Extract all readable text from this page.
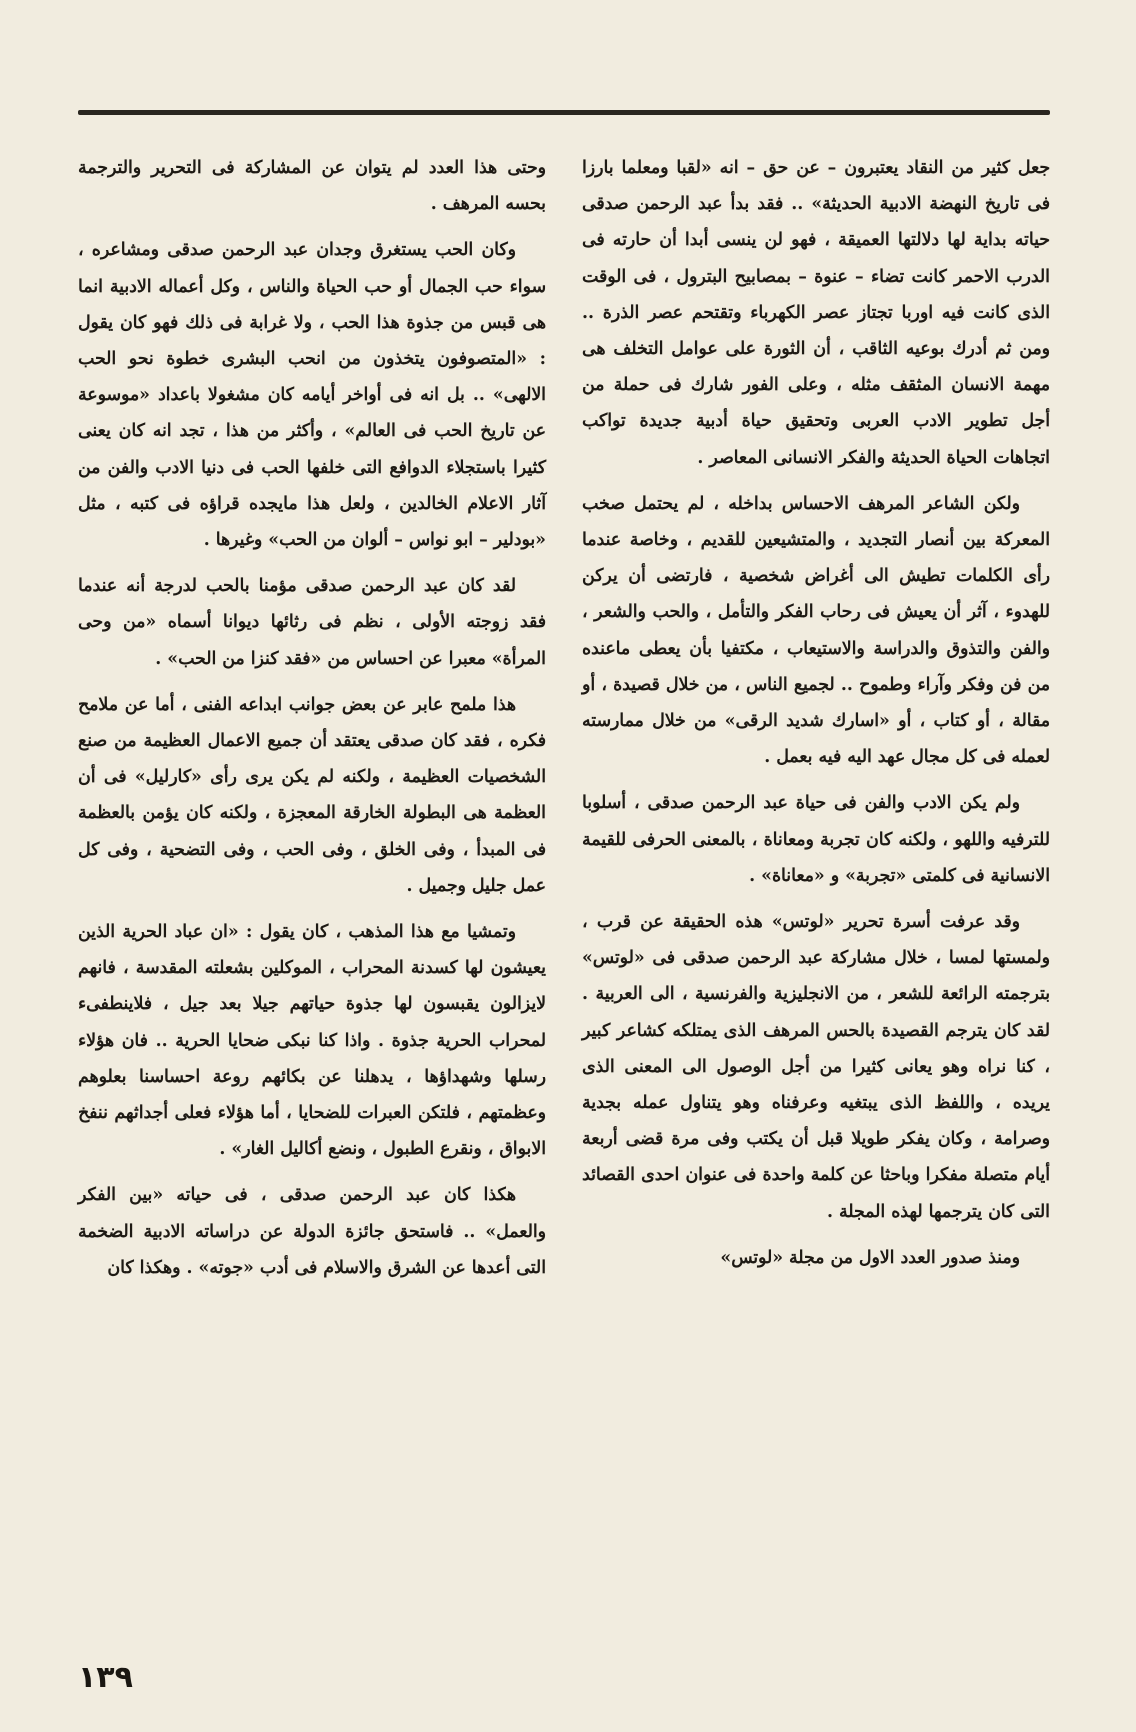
جعل كثير من النقاد يعتبرون – عن حق – انه «لقبا ومعلما بارزا فى تاريخ النهضة الادبية الحديثة» .. فقد بدأ عبد الرحمن صدقى حياته بداية لها دلالتها العميقة ، فهو لن ينسى أبدا أن حارته فى الدرب الاحمر كانت تضاء – عنوة – بمصابيح البترول ، فى الوقت الذى كانت فيه اوربا تجتاز عصر الكهرباء وتقتحم عصر الذرة .. ومن ثم أدرك بوعيه الثاقب ، أن الثورة على عوامل التخلف هى مهمة الانسان المثقف مثله ، وعلى الفور شارك فى حملة من أجل تطوير الادب العربى وتحقيق حياة أدبية جديدة تواكب اتجاهات الحياة الحديثة والفكر الانسانى المعاصر .

ولكن الشاعر المرهف الاحساس بداخله ، لم يحتمل صخب المعركة بين أنصار التجديد ، والمتشيعين للقديم ، وخاصة عندما رأى الكلمات تطيش الى أغراض شخصية ، فارتضى أن يركن للهدوء ، آثر أن يعيش فى رحاب الفكر والتأمل ، والحب والشعر ، والفن والتذوق والدراسة والاستيعاب ، مكتفيا بأن يعطى ماعنده من فن وفكر وآراء وطموح .. لجميع الناس ، من خلال قصيدة ، أو مقالة ، أو كتاب ، أو «اسارك شديد الرقى» من خلال ممارسته لعمله فى كل مجال عهد اليه فيه بعمل .

ولم يكن الادب والفن فى حياة عبد الرحمن صدقى ، أسلوبا للترفيه واللهو ، ولكنه كان تجربة ومعاناة ، بالمعنى الحرفى للقيمة الانسانية فى كلمتى «تجربة» و «معاناة» .

وقد عرفت أسرة تحرير «لوتس» هذه الحقيقة عن قرب ، ولمستها لمسا ، خلال مشاركة عبد الرحمن صدقى فى «لوتس» بترجمته الرائعة للشعر ، من الانجليزية والفرنسية ، الى العربية . لقد كان يترجم القصيدة بالحس المرهف الذى يمتلكه كشاعر كبير ، كنا نراه وهو يعانى كثيرا من أجل الوصول الى المعنى الذى يريده ، واللفظ الذى يبتغيه وعرفناه وهو يتناول عمله بجدية وصرامة ، وكان يفكر طويلا قبل أن يكتب وفى مرة قضى أربعة أيام متصلة مفكرا وباحثا عن كلمة واحدة فى عنوان احدى القصائد التى كان يترجمها لهذه المجلة .

ومنذ صدور العدد الاول من مجلة «لوتس»

وحتى هذا العدد لم يتوان عن المشاركة فى التحرير والترجمة بحسه المرهف .

وكان الحب يستغرق وجدان عبد الرحمن صدقى ومشاعره ، سواء حب الجمال أو حب الحياة والناس ، وكل أعماله الادبية انما هى قبس من جذوة هذا الحب ، ولا غرابة فى ذلك فهو كان يقول : «المتصوفون يتخذون من انحب البشرى خطوة نحو الحب الالهى» .. بل انه فى أواخر أيامه كان مشغولا باعداد «موسوعة عن تاريخ الحب فى العالم» ، وأكثر من هذا ، تجد انه كان يعنى كثيرا باستجلاء الدوافع التى خلفها الحب فى دنيا الادب والفن من آثار الاعلام الخالدين ، ولعل هذا مايجده قراؤه فى كتبه ، مثل «بودلير – ابو نواس – ألوان من الحب» وغيرها .

لقد كان عبد الرحمن صدقى مؤمنا بالحب لدرجة أنه عندما فقد زوجته الأولى ، نظم فى رثائها ديوانا أسماه «من وحى المرأة» معبرا عن احساس من «فقد كنزا من الحب» .

هذا ملمح عابر عن بعض جوانب ابداعه الفنى ، أما عن ملامح فكره ، فقد كان صدقى يعتقد أن جميع الاعمال العظيمة من صنع الشخصيات العظيمة ، ولكنه لم يكن يرى رأى «كارليل» فى أن العظمة هى البطولة الخارقة المعجزة ، ولكنه كان يؤمن بالعظمة فى المبدأ ، وفى الخلق ، وفى الحب ، وفى التضحية ، وفى كل عمل جليل وجميل .

وتمشيا مع هذا المذهب ، كان يقول : «ان عباد الحرية الذين يعيشون لها كسدنة المحراب ، الموكلين بشعلته المقدسة ، فانهم لايزالون يقبسون لها جذوة حياتهم جيلا بعد جيل ، فلاينطفىء لمحراب الحرية جذوة . واذا كنا نبكى ضحايا الحرية .. فان هؤلاء رسلها وشهداؤها ، يدهلنا عن بكائهم روعة احساسنا بعلوهم وعظمتهم ، فلتكن العبرات للضحايا ، أما هؤلاء فعلى أجداثهم ننفخ الابواق ، ونقرع الطبول ، ونضع أكاليل الغار» .

هكذا كان عبد الرحمن صدقى ، فى حياته «بين الفكر والعمل» .. فاستحق جائزة الدولة عن دراساته الادبية الضخمة التى أعدها عن الشرق والاسلام فى أدب «جوته» . وهكذا كان

١٣٩
